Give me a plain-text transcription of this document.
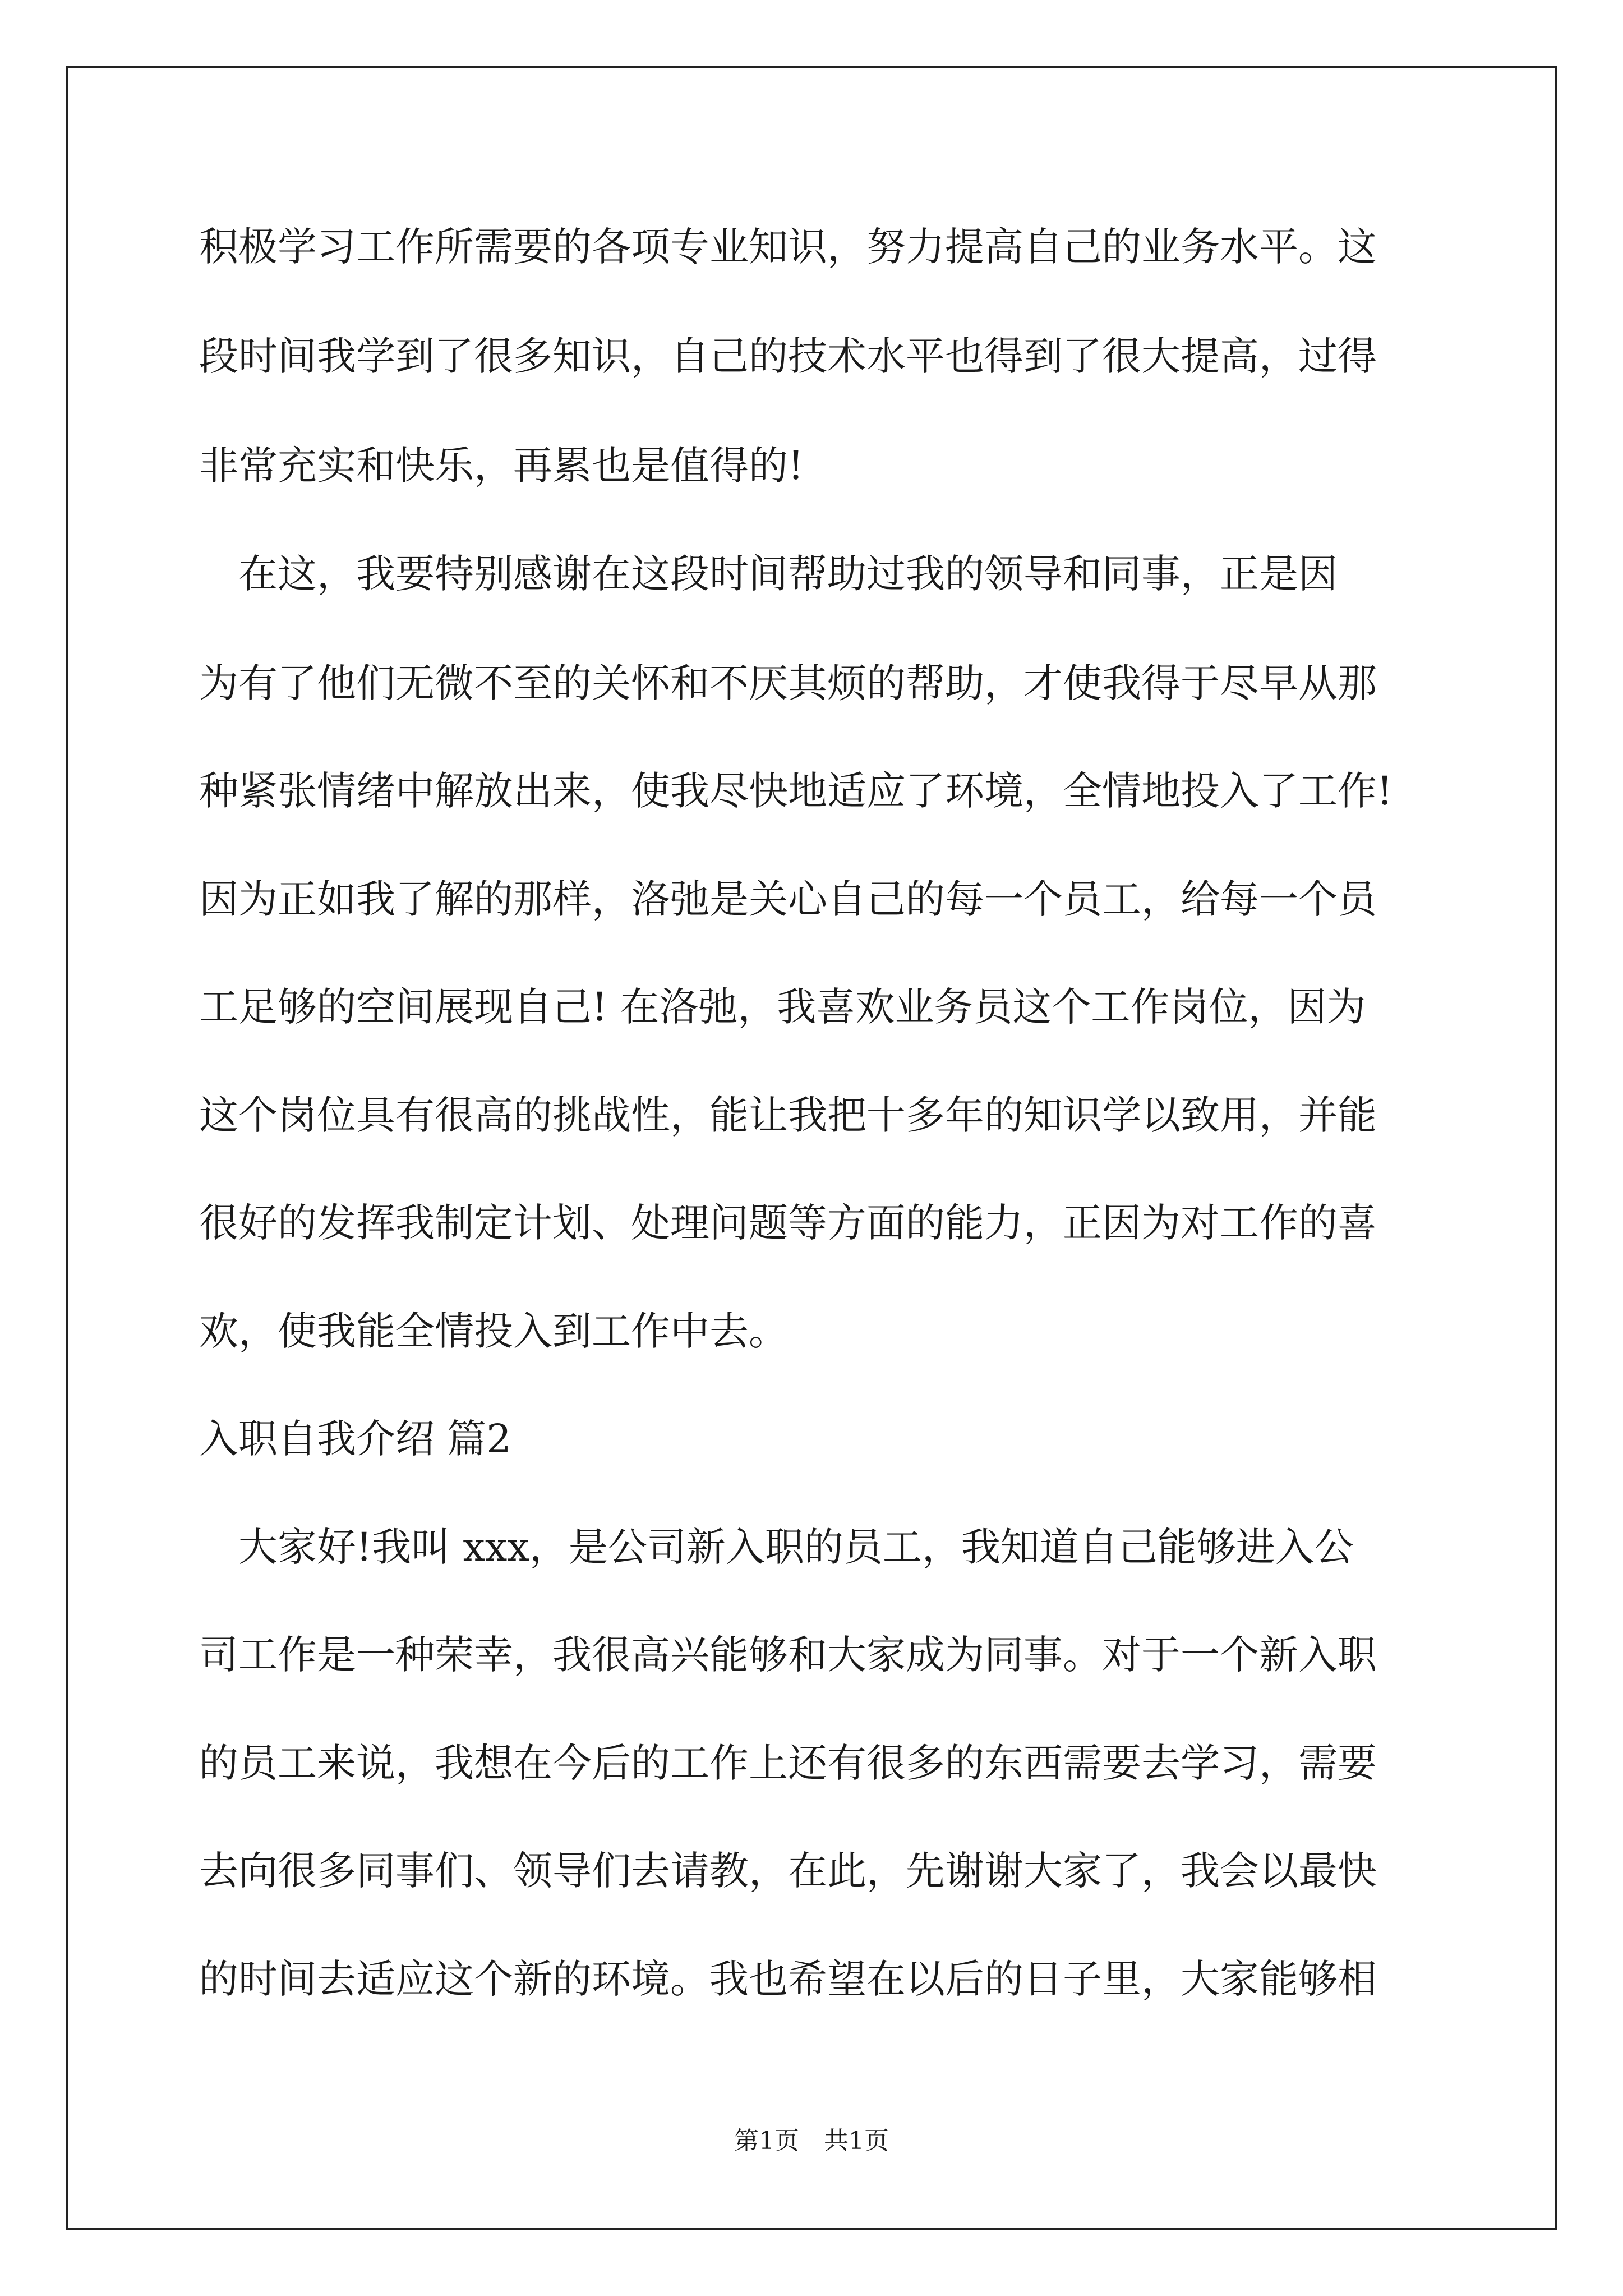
积极学习工作所需要的各项专业知识，努力提高自己的业务水平。这
段时间我学到了很多知识，自己的技术水平也得到了很大提高，过得
非常充实和快乐，再累也是值得的!
　在这，我要特别感谢在这段时间帮助过我的领导和同事，正是因
为有了他们无微不至的关怀和不厌其烦的帮助，才使我得于尽早从那
种紧张情绪中解放出来，使我尽快地适应了环境，全情地投入了工作!
因为正如我了解的那样，洛弛是关心自己的每一个员工，给每一个员
工足够的空间展现自己! 在洛弛，我喜欢业务员这个工作岗位，因为
这个岗位具有很高的挑战性，能让我把十多年的知识学以致用，并能
很好的发挥我制定计划、处理问题等方面的能力，正因为对工作的喜
欢，使我能全情投入到工作中去。
入职自我介绍 篇2
　大家好!我叫 xxx，是公司新入职的员工，我知道自己能够进入公
司工作是一种荣幸，我很高兴能够和大家成为同事。对于一个新入职
的员工来说，我想在今后的工作上还有很多的东西需要去学习，需要
去向很多同事们、领导们去请教，在此，先谢谢大家了，我会以最快
的时间去适应这个新的环境。我也希望在以后的日子里，大家能够相
第1页　共1页
